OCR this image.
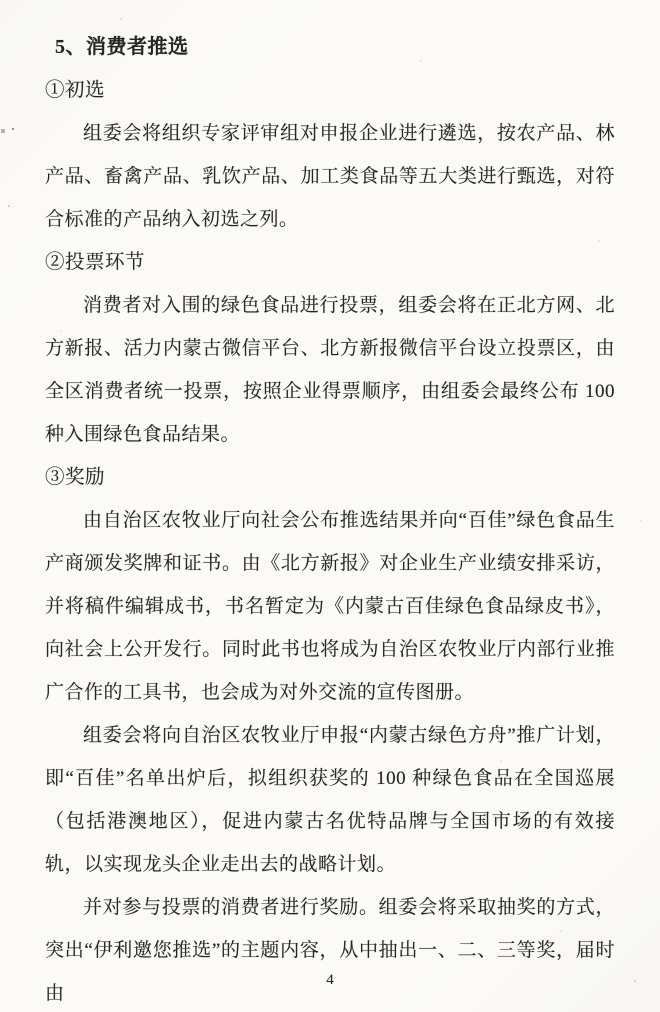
5、消费者推选

①初选

组委会将组织专家评审组对申报企业进行遴选，按农产品、林产品、畜禽产品、乳饮产品、加工类食品等五大类进行甄选，对符合标准的产品纳入初选之列。

②投票环节

消费者对入围的绿色食品进行投票，组委会将在正北方网、北方新报、活力内蒙古微信平台、北方新报微信平台设立投票区，由全区消费者统一投票，按照企业得票顺序，由组委会最终公布 100 种入围绿色食品结果。

③奖励

由自治区农牧业厅向社会公布推选结果并向“百佳”绿色食品生产商颁发奖牌和证书。由《北方新报》对企业生产业绩安排采访，并将稿件编辑成书，书名暂定为《内蒙古百佳绿色食品绿皮书》，向社会上公开发行。同时此书也将成为自治区农牧业厅内部行业推广合作的工具书，也会成为对外交流的宣传图册。

组委会将向自治区农牧业厅申报“内蒙古绿色方舟”推广计划，即“百佳”名单出炉后，拟组织获奖的 100 种绿色食品在全国巡展（包括港澳地区），促进内蒙古名优特品牌与全国市场的有效接轨，以实现龙头企业走出去的战略计划。

并对参与投票的消费者进行奖励。组委会将采取抽奖的方式，突出“伊利邀您推选”的主题内容，从中抽出一、二、三等奖，届时由

4
